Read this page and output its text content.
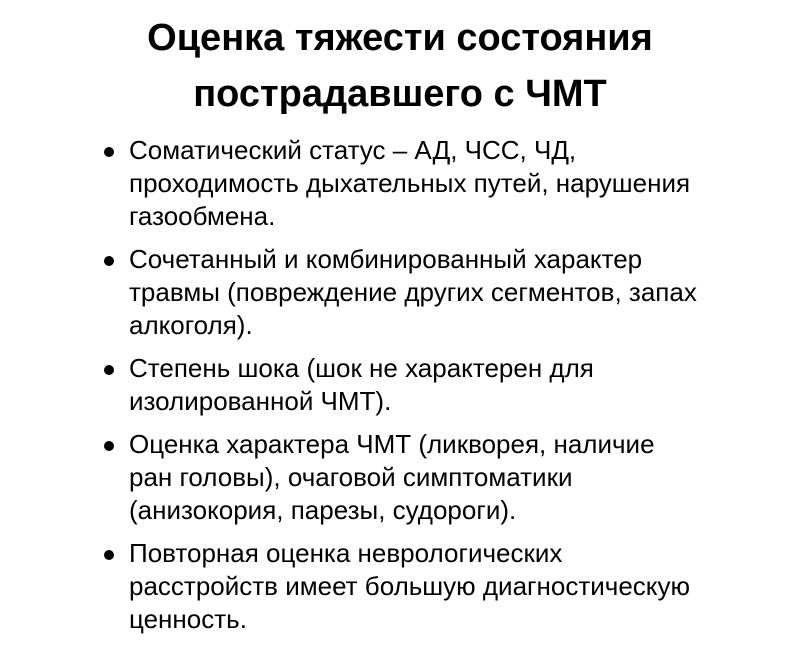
Оценка тяжести состояния
пострадавшего с ЧМТ
Соматический статус – АД, ЧСС, ЧД,
проходимость дыхательных путей, нарушения
газообмена.
Сочетанный и комбинированный характер
травмы (повреждение других сегментов, запах
алкоголя).
Степень шока (шок не характерен для
изолированной ЧМТ).
Оценка характера ЧМТ (ликворея, наличие
ран головы), очаговой симптоматики
(анизокория, парезы, судороги).
Повторная оценка неврологических
расстройств имеет большую диагностическую
ценность.
